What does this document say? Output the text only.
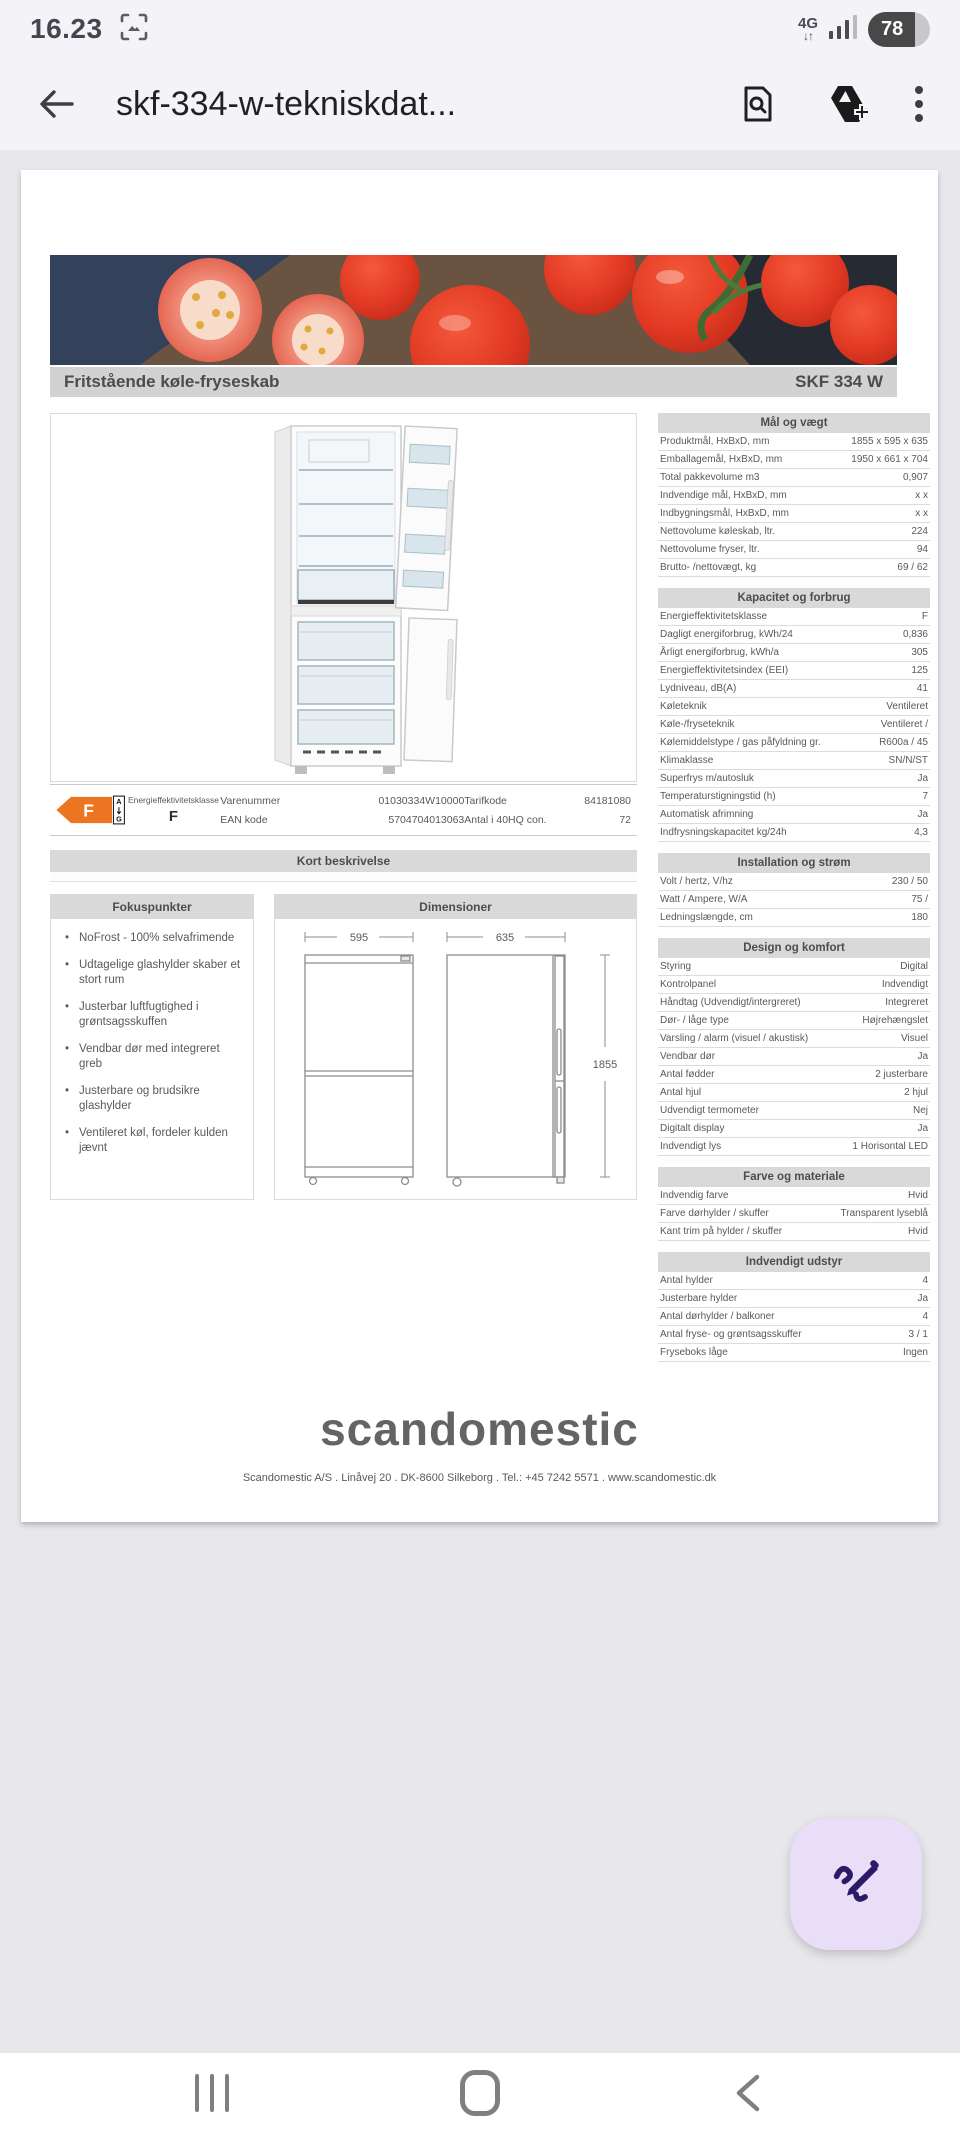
16.23	4G
↓↑	78
skf-334-w-tekniskdat...
Fritstående køle-fryseskab	SKF 334 W
F A
G
Energieffektivitetsklasse
F
Varenummer	01030334W10000 Tarifkode	84181080
EAN kode	5704704013063 Antal i 40HQ con.	72
Kort beskrivelse
Fokuspunkter
• NoFrost - 100% selvafrimende
• Udtagelige glashylder skaber et stort rum
• Justerbar luftfugtighed i grøntsagsskuffen
• Vendbar dør med integreret greb
• Justerbare og brudsikre glashylder
• Ventileret køl, fordeler kulden jævnt
Dimensioner
595	635
1855
Mål og vægt
Produktmål, HxBxD, mm	1855 x 595 x 635
Emballagemål, HxBxD, mm	1950 x 661 x 704
Total pakkevolume m3	0,907
Indvendige mål, HxBxD, mm	x x
Indbygningsmål, HxBxD, mm	x x
Nettovolume køleskab, ltr.	224
Nettovolume fryser, ltr.	94
Brutto- /nettovægt, kg	69 / 62
Kapacitet og forbrug
Energieffektivitetsklasse	F
Dagligt energiforbrug, kWh/24	0,836
Årligt energiforbrug, kWh/a	305
Energieffektivitetsindex (EEI)	125
Lydniveau, dB(A)	41
Køleteknik	Ventileret
Køle-/fryseteknik	Ventileret /
Kølemiddelstype / gas påfyldning gr.	R600a / 45
Klimaklasse	SN/N/ST
Superfrys m/autosluk	Ja
Temperaturstigningstid (h)	7
Automatisk afrimning	Ja
Indfrysningskapacitet kg/24h	4,3
Installation og strøm
Volt / hertz, V/hz	230 / 50
Watt / Ampere, W/A	75 /
Ledningslængde, cm	180
Design og komfort
Styring	Digital
Kontrolpanel	Indvendigt
Håndtag (Udvendigt/intergreret)	Integreret
Dør- / låge type	Højrehængslet
Varsling / alarm (visuel / akustisk)	Visuel
Vendbar dør	Ja
Antal fødder	2 justerbare
Antal hjul	2 hjul
Udvendigt termometer	Nej
Digitalt display	Ja
Indvendigt lys	1 Horisontal LED
Farve og materiale
Indvendig farve	Hvid
Farve dørhylder / skuffer	Transparent lyseblå
Kant trim på hylder / skuffer	Hvid
Indvendigt udstyr
Antal hylder	4
Justerbare hylder	Ja
Antal dørhylder / balkoner	4
Antal fryse- og grøntsagsskuffer	3 / 1
Fryseboks låge	Ingen
scandomestic
Scandomestic A/S . Linåvej 20 . DK-8600 Silkeborg . Tel.: +45 7242 5571 . www.scandomestic.dk
